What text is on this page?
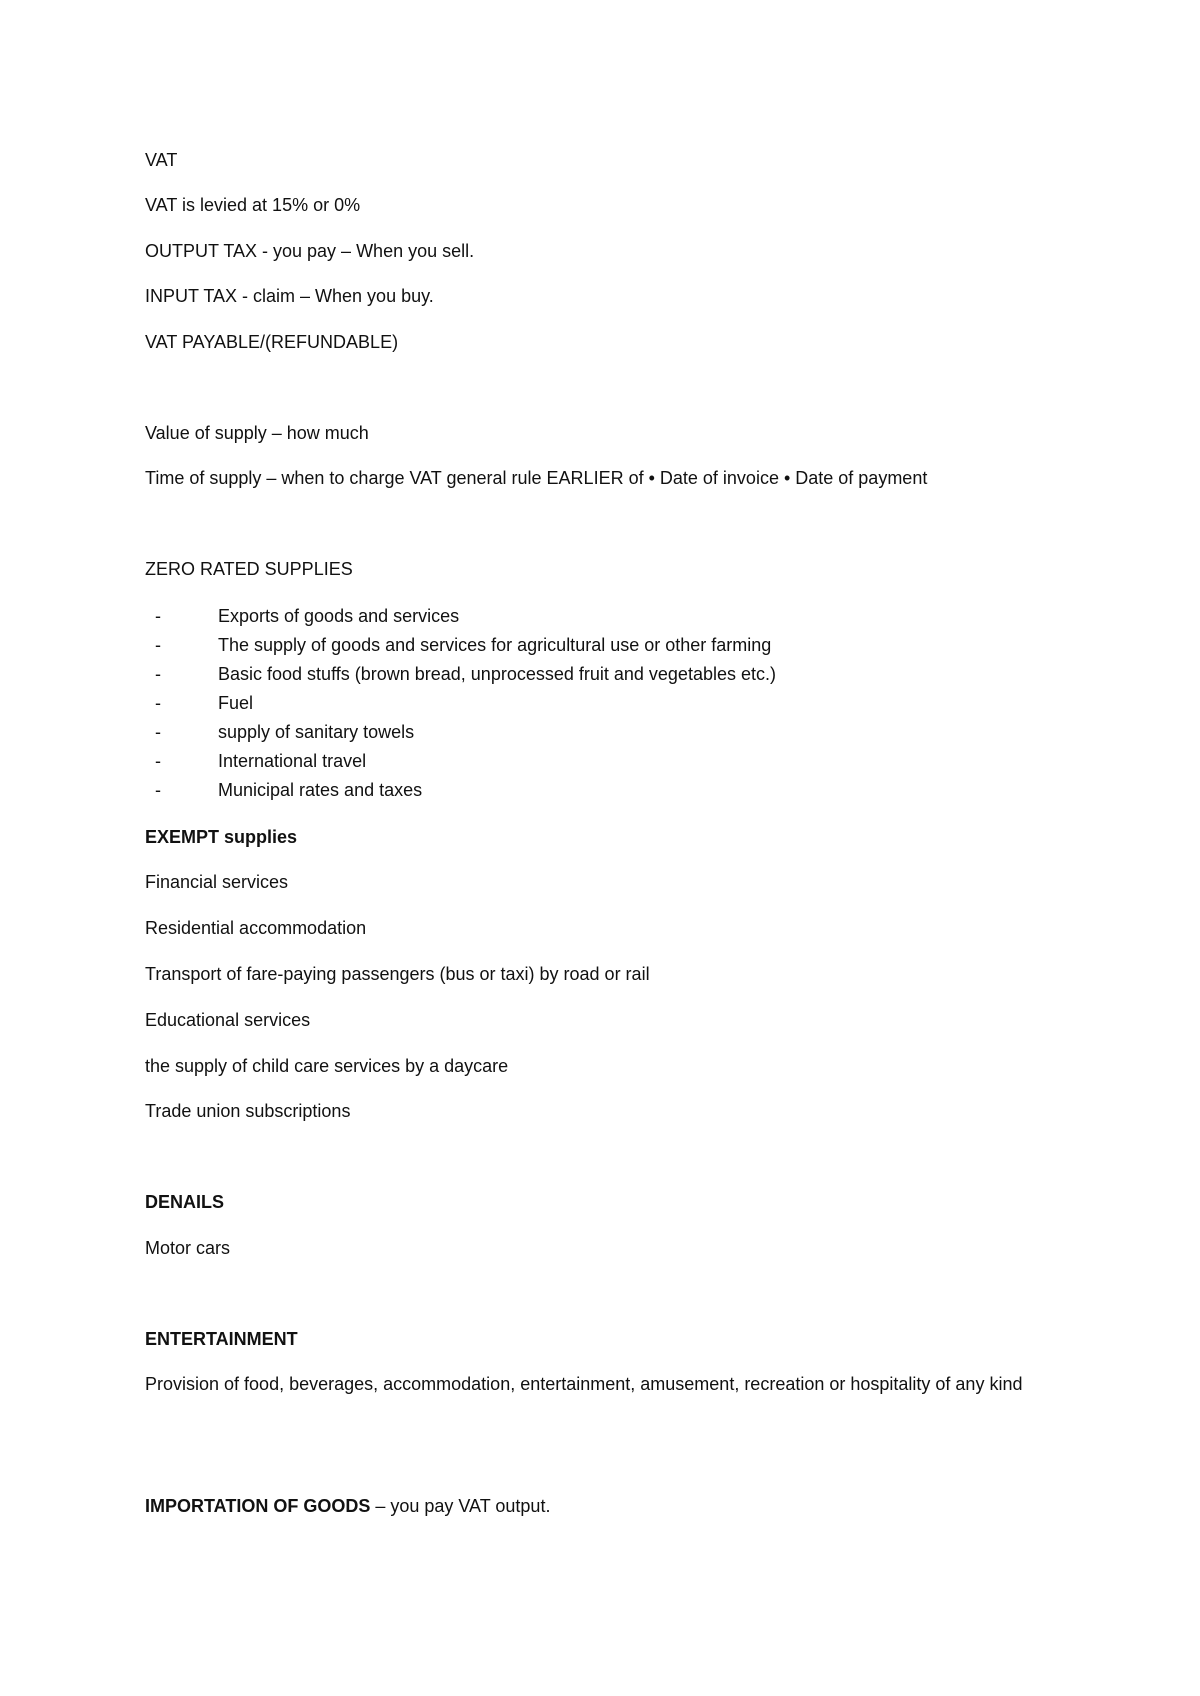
VAT
VAT is levied at 15% or 0%
OUTPUT TAX - you pay – When you sell.
INPUT TAX - claim – When you buy.
VAT PAYABLE/(REFUNDABLE)
Value of supply – how much
Time of supply – when to charge VAT general rule EARLIER of • Date of invoice • Date of payment
ZERO RATED SUPPLIES
-	Exports of goods and services
-	The supply of goods and services for agricultural use or other farming
-	Basic food stuffs (brown bread, unprocessed fruit and vegetables etc.)
-	Fuel
-	supply of sanitary towels
-	International travel
-	Municipal rates and taxes
EXEMPT supplies
Financial services
Residential accommodation
Transport of fare-paying passengers (bus or taxi) by road or rail
Educational services
the supply of child care services by a daycare
Trade union subscriptions
DENAILS
Motor cars
ENTERTAINMENT
Provision of food, beverages, accommodation, entertainment, amusement, recreation or hospitality of any kind
IMPORTATION OF GOODS – you pay VAT output.
